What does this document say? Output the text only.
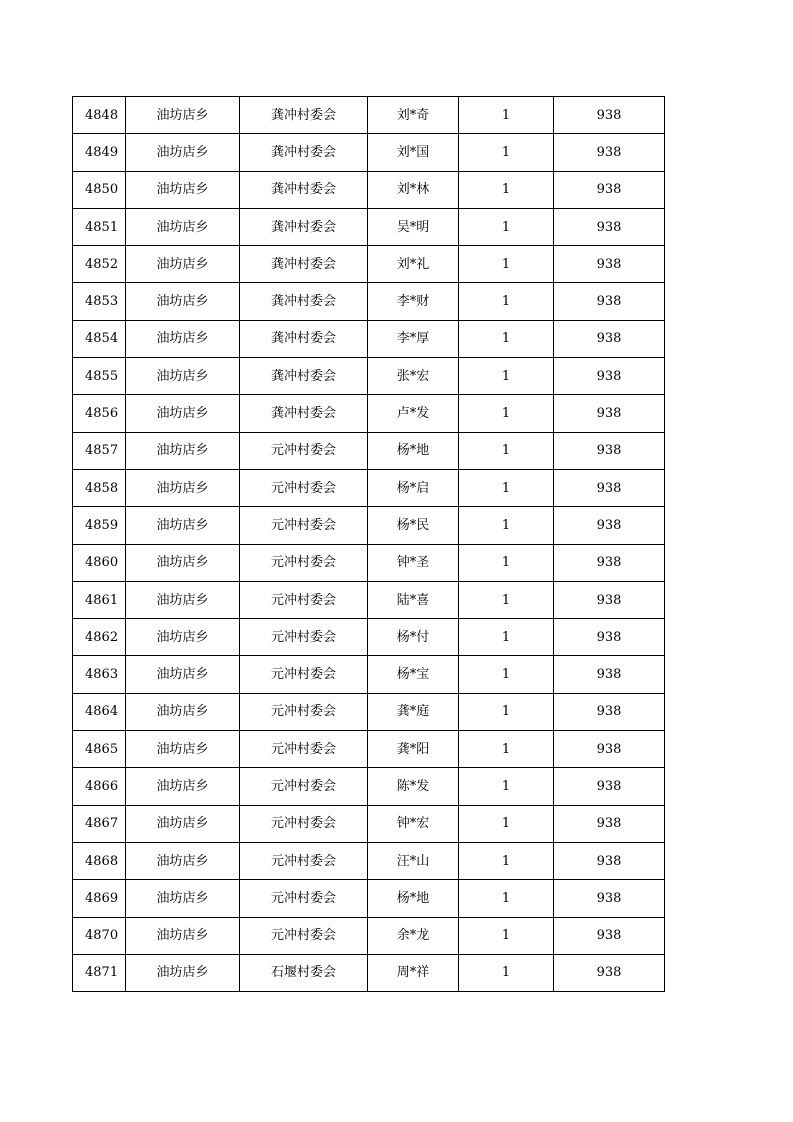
4848	油坊店乡	龚冲村委会	刘*奇	1	938
4849	油坊店乡	龚冲村委会	刘*国	1	938
4850	油坊店乡	龚冲村委会	刘*林	1	938
4851	油坊店乡	龚冲村委会	吴*明	1	938
4852	油坊店乡	龚冲村委会	刘*礼	1	938
4853	油坊店乡	龚冲村委会	李*财	1	938
4854	油坊店乡	龚冲村委会	李*厚	1	938
4855	油坊店乡	龚冲村委会	张*宏	1	938
4856	油坊店乡	龚冲村委会	卢*发	1	938
4857	油坊店乡	元冲村委会	杨*地	1	938
4858	油坊店乡	元冲村委会	杨*启	1	938
4859	油坊店乡	元冲村委会	杨*民	1	938
4860	油坊店乡	元冲村委会	钟*圣	1	938
4861	油坊店乡	元冲村委会	陆*喜	1	938
4862	油坊店乡	元冲村委会	杨*付	1	938
4863	油坊店乡	元冲村委会	杨*宝	1	938
4864	油坊店乡	元冲村委会	龚*庭	1	938
4865	油坊店乡	元冲村委会	龚*阳	1	938
4866	油坊店乡	元冲村委会	陈*发	1	938
4867	油坊店乡	元冲村委会	钟*宏	1	938
4868	油坊店乡	元冲村委会	汪*山	1	938
4869	油坊店乡	元冲村委会	杨*地	1	938
4870	油坊店乡	元冲村委会	余*龙	1	938
4871	油坊店乡	石堰村委会	周*祥	1	938
